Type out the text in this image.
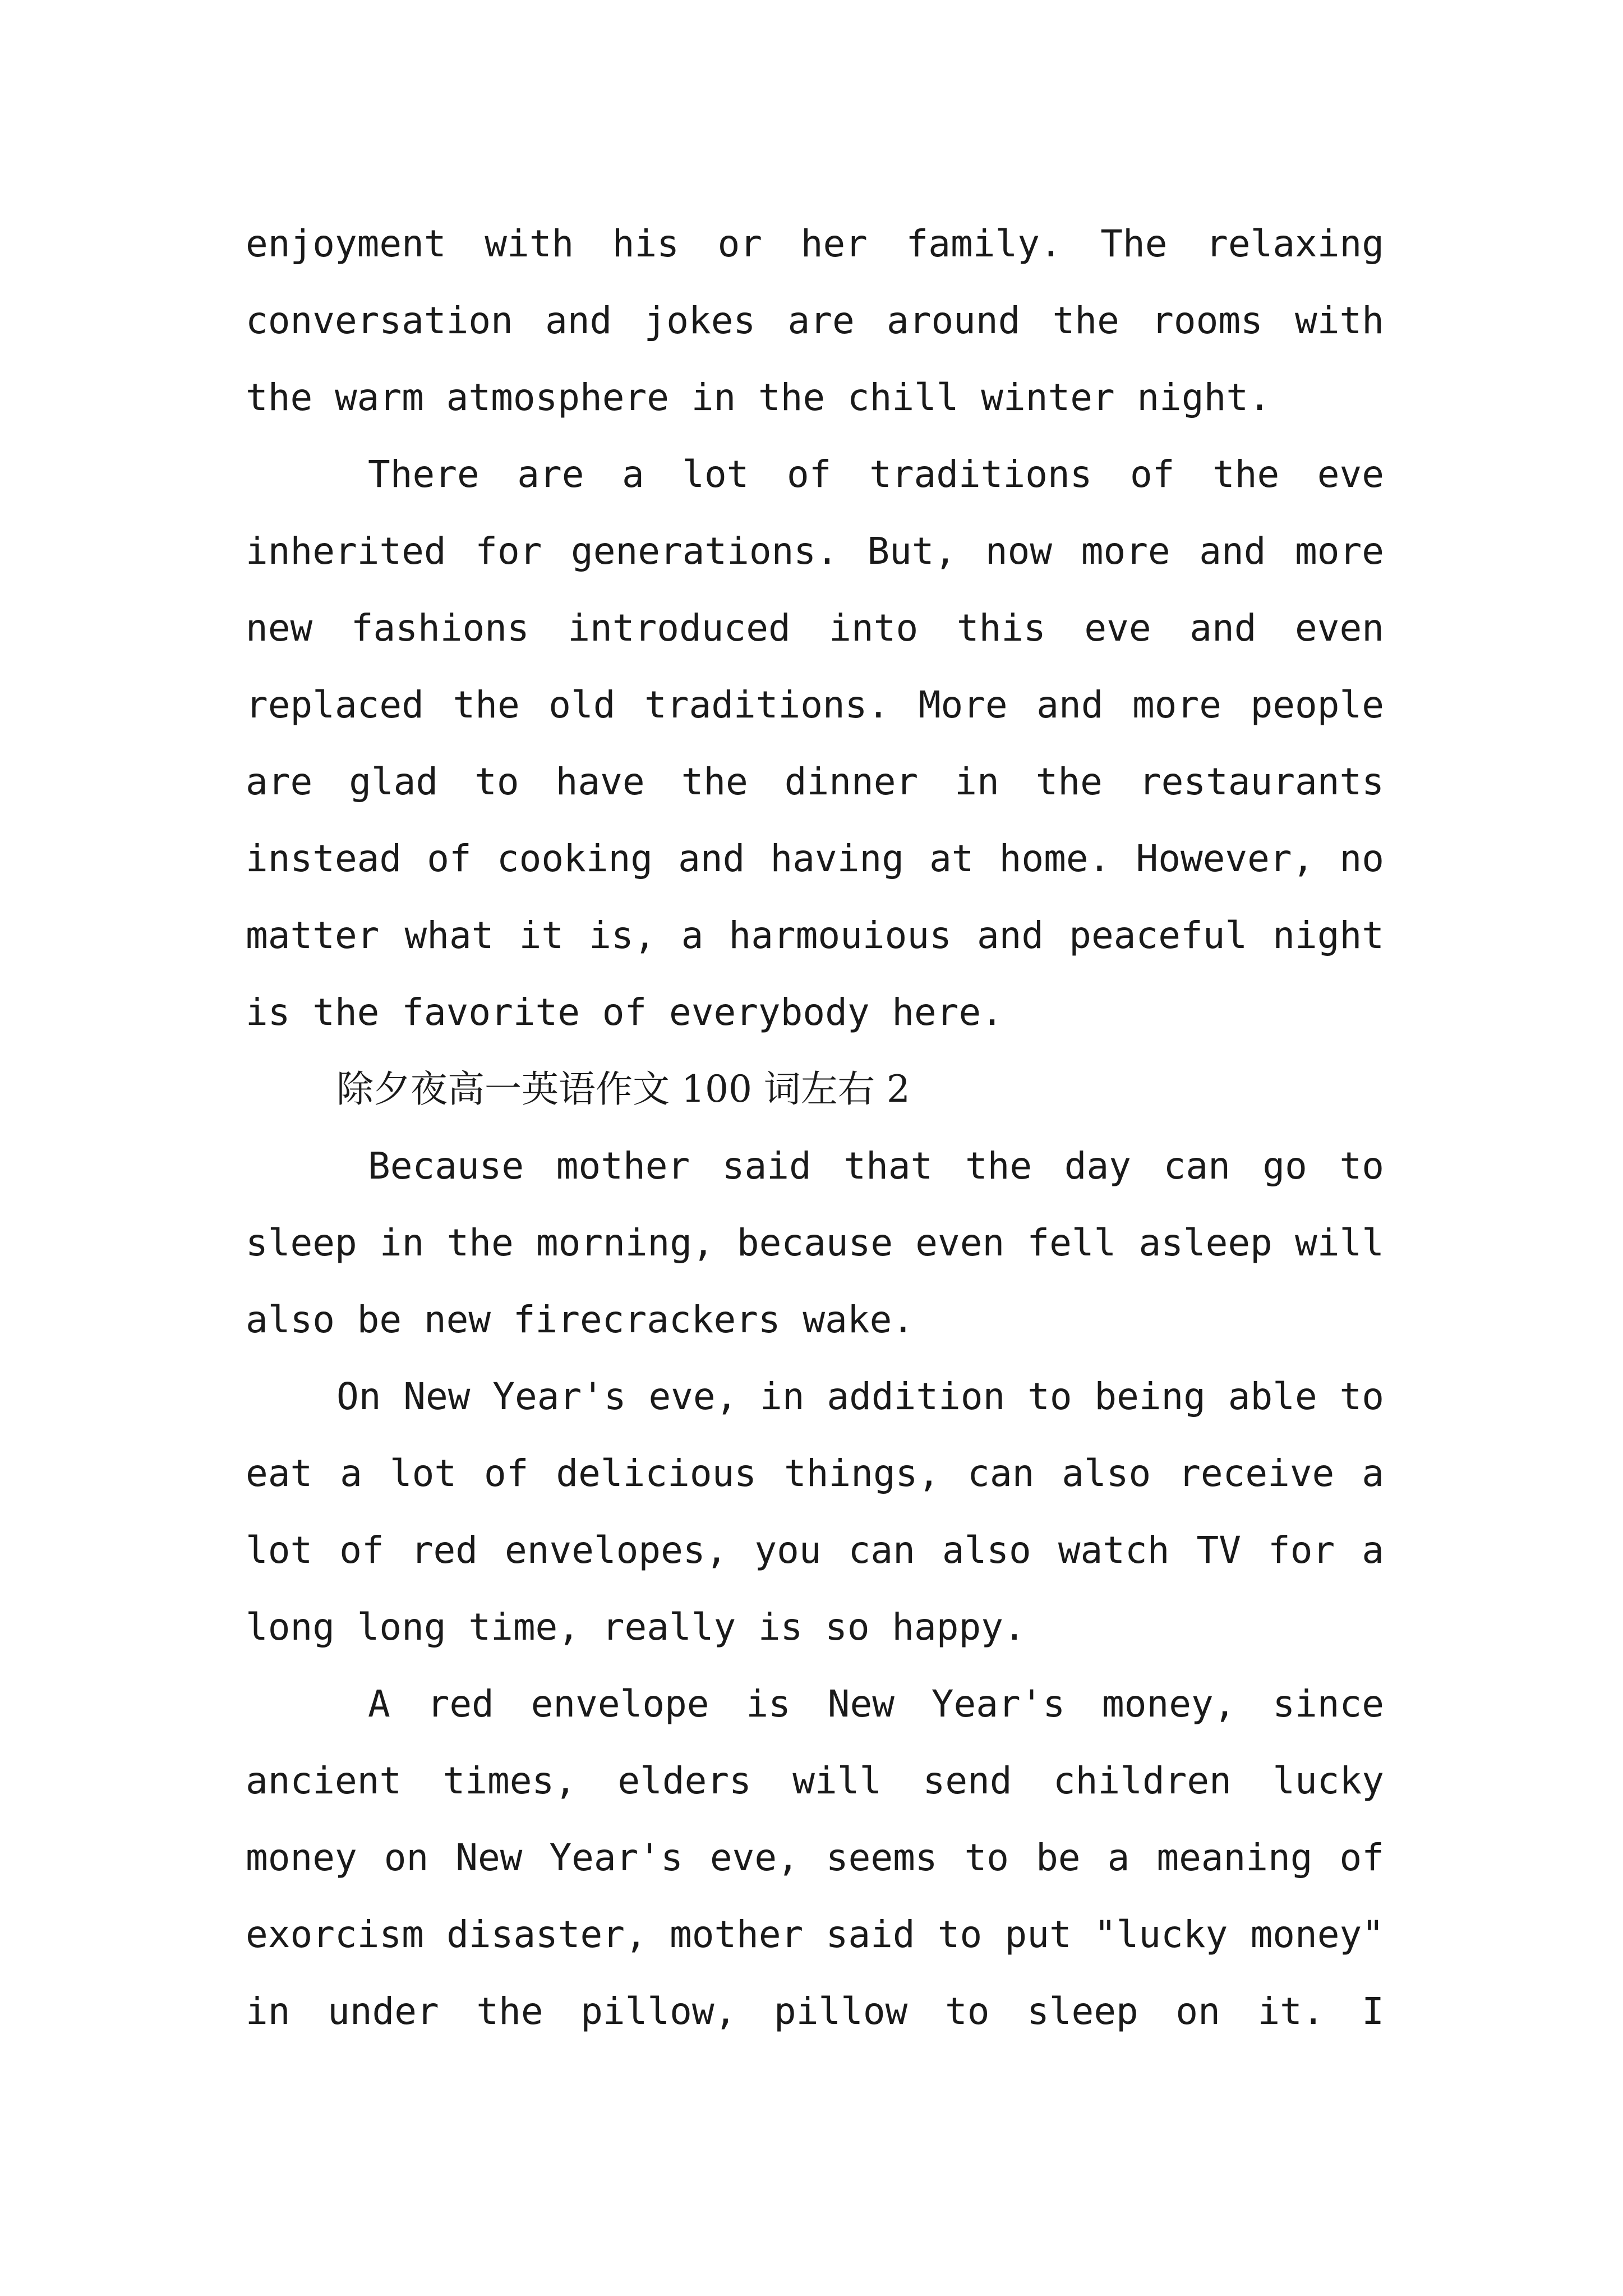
enjoyment with his or her family. The relaxing
conversation and jokes are around the rooms with
the warm atmosphere in the chill winter night.
There are a lot of traditions of the eve
inherited for generations. But, now more and more
new fashions introduced into this eve and even
replaced the old traditions. More and more people
are glad to have the dinner in the restaurants
instead of cooking and having at home. However, no
matter what it is, a harmouious and peaceful night
is the favorite of everybody here.
除夕夜高一英语作文 100 词左右 2
Because mother said that the day can go to
sleep in the morning, because even fell asleep will
also be new firecrackers wake.
On New Year's eve, in addition to being able to
eat a lot of delicious things, can also receive a
lot of red envelopes, you can also watch TV for a
long long time, really is so happy.
A red envelope is New Year's money, since
ancient times, elders will send children lucky
money on New Year's eve, seems to be a meaning of
exorcism disaster, mother said to put "lucky money"
in under the pillow, pillow to sleep on it. I
